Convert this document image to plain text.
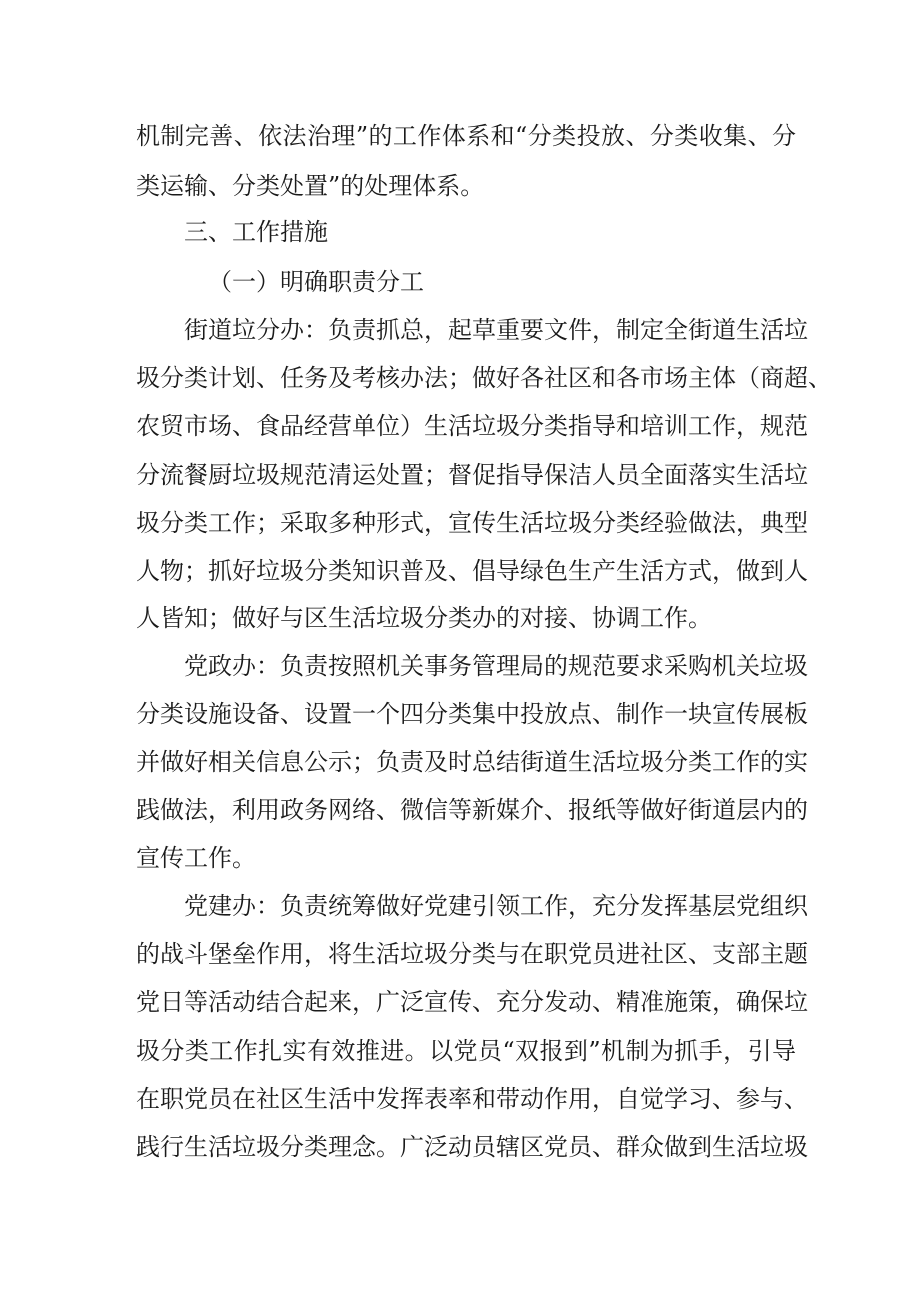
机制完善、依法治理”的工作体系和“分类投放、分类收集、分
类运输、分类处置”的处理体系。
三、工作措施
（一）明确职责分工
街道垃分办：负责抓总，起草重要文件，制定全街道生活垃
圾分类计划、任务及考核办法；做好各社区和各市场主体（商超、
农贸市场、食品经营单位）生活垃圾分类指导和培训工作，规范
分流餐厨垃圾规范清运处置；督促指导保洁人员全面落实生活垃
圾分类工作；采取多种形式，宣传生活垃圾分类经验做法，典型
人物；抓好垃圾分类知识普及、倡导绿色生产生活方式，做到人
人皆知；做好与区生活垃圾分类办的对接、协调工作。
党政办：负责按照机关事务管理局的规范要求采购机关垃圾
分类设施设备、设置一个四分类集中投放点、制作一块宣传展板
并做好相关信息公示；负责及时总结街道生活垃圾分类工作的实
践做法，利用政务网络、微信等新媒介、报纸等做好街道层内的
宣传工作。
党建办：负责统筹做好党建引领工作，充分发挥基层党组织
的战斗堡垒作用，将生活垃圾分类与在职党员进社区、支部主题
党日等活动结合起来，广泛宣传、充分发动、精准施策，确保垃
圾分类工作扎实有效推进。以党员“双报到”机制为抓手，引导
在职党员在社区生活中发挥表率和带动作用，自觉学习、参与、
践行生活垃圾分类理念。广泛动员辖区党员、群众做到生活垃圾
